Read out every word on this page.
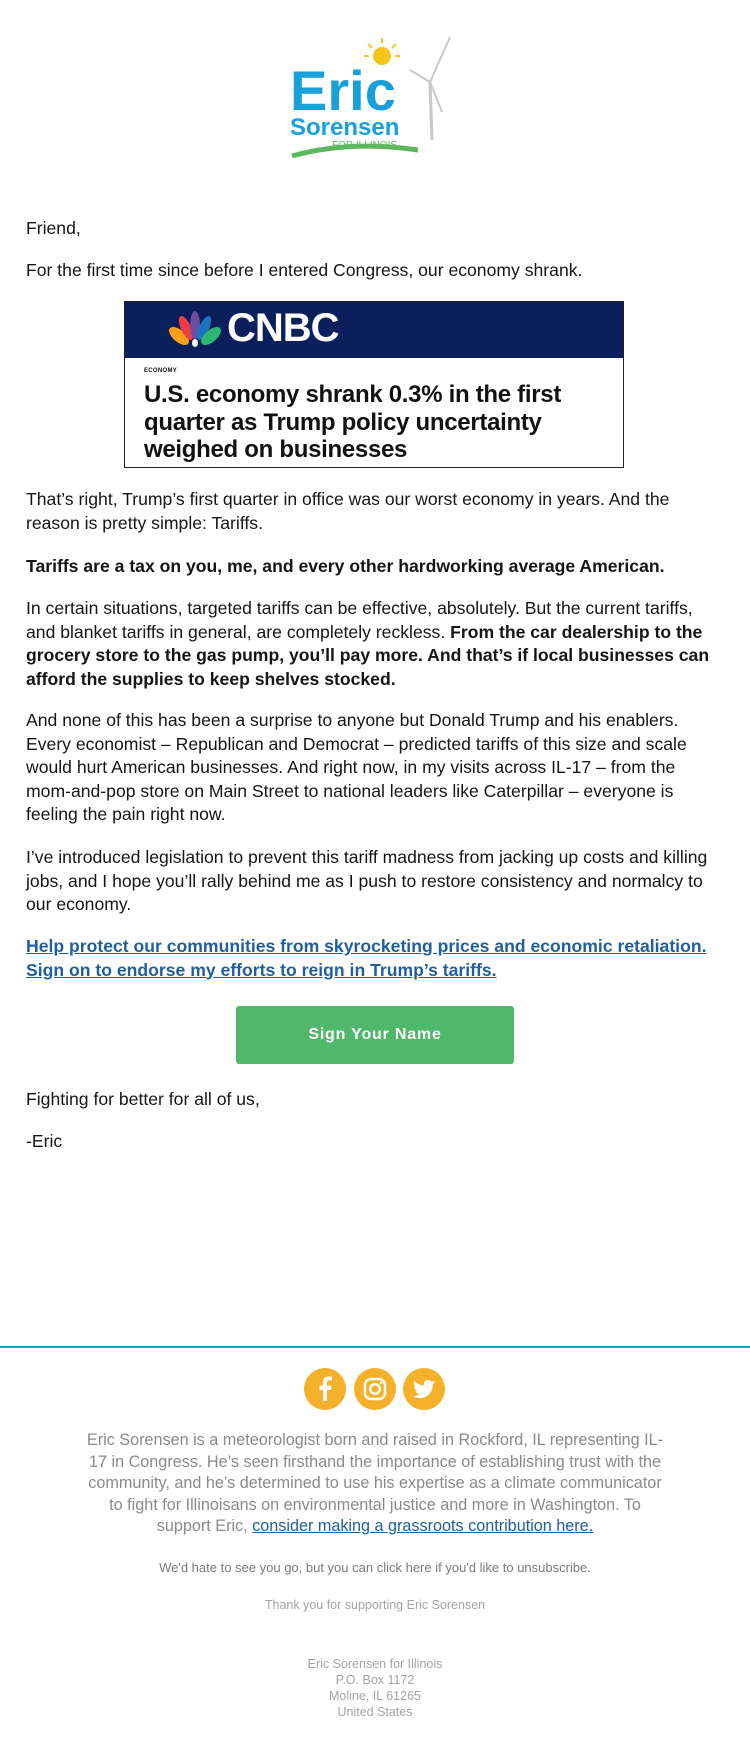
Eric
Sorensen
FOR ILLINOIS

Friend,

For the first time since before I entered Congress, our economy shrank.

CNBC
ECONOMY
U.S. economy shrank 0.3% in the first quarter as Trump policy uncertainty weighed on businesses

That’s right, Trump’s first quarter in office was our worst economy in years. And the reason is pretty simple: Tariffs.

Tariffs are a tax on you, me, and every other hardworking average American.

In certain situations, targeted tariffs can be effective, absolutely. But the current tariffs, and blanket tariffs in general, are completely reckless. From the car dealership to the grocery store to the gas pump, you’ll pay more. And that’s if local businesses can afford the supplies to keep shelves stocked.

And none of this has been a surprise to anyone but Donald Trump and his enablers. Every economist – Republican and Democrat – predicted tariffs of this size and scale would hurt American businesses. And right now, in my visits across IL-17 – from the mom-and-pop store on Main Street to national leaders like Caterpillar – everyone is feeling the pain right now.

I’ve introduced legislation to prevent this tariff madness from jacking up costs and killing jobs, and I hope you’ll rally behind me as I push to restore consistency and normalcy to our economy.

Help protect our communities from skyrocketing prices and economic retaliation. Sign on to endorse my efforts to reign in Trump’s tariffs.

Sign Your Name

Fighting for better for all of us,

-Eric

Eric Sorensen is a meteorologist born and raised in Rockford, IL representing IL-17 in Congress. He’s seen firsthand the importance of establishing trust with the community, and he’s determined to use his expertise as a climate communicator to fight for Illinoisans on environmental justice and more in Washington. To support Eric, consider making a grassroots contribution here.
We'd hate to see you go, but you can click here if you'd like to unsubscribe.
Thank you for supporting Eric Sorensen
Eric Sorensen for Illinois
P.O. Box 1172
Moline, IL 61265
United States
